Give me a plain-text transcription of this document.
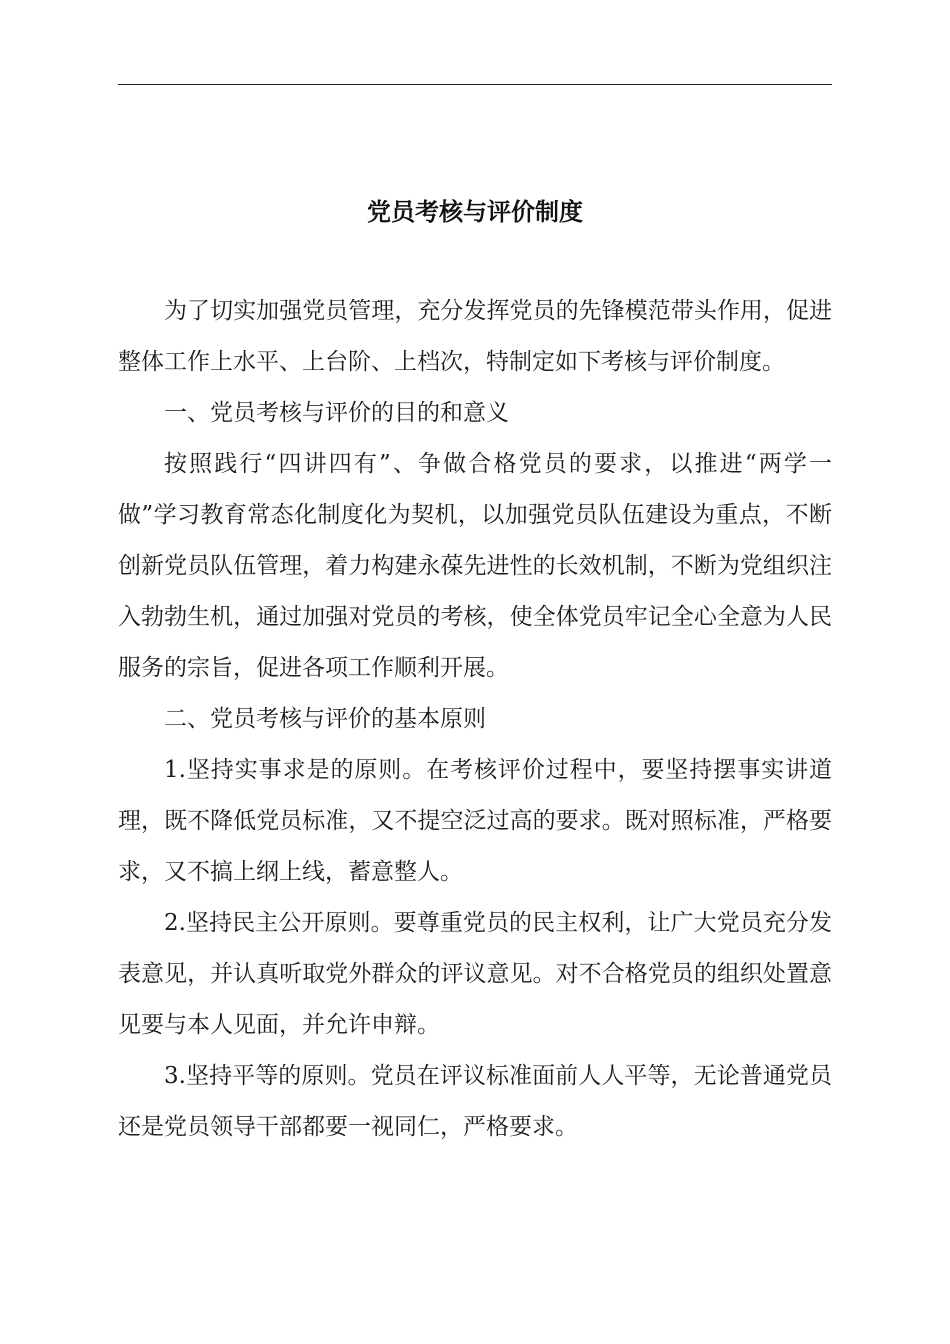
党员考核与评价制度

为了切实加强党员管理，充分发挥党员的先锋模范带头作用，促进整体工作上水平、上台阶、上档次，特制定如下考核与评价制度。

一、党员考核与评价的目的和意义

按照践行“四讲四有”、争做合格党员的要求，以推进“两学一做”学习教育常态化制度化为契机，以加强党员队伍建设为重点，不断创新党员队伍管理，着力构建永葆先进性的长效机制，不断为党组织注入勃勃生机，通过加强对党员的考核，使全体党员牢记全心全意为人民服务的宗旨，促进各项工作顺利开展。

二、党员考核与评价的基本原则

1.坚持实事求是的原则。在考核评价过程中，要坚持摆事实讲道理，既不降低党员标准，又不提空泛过高的要求。既对照标准，严格要求，又不搞上纲上线，蓄意整人。

2.坚持民主公开原则。要尊重党员的民主权利，让广大党员充分发表意见，并认真听取党外群众的评议意见。对不合格党员的组织处置意见要与本人见面，并允许申辩。

3.坚持平等的原则。党员在评议标准面前人人平等，无论普通党员还是党员领导干部都要一视同仁，严格要求。
